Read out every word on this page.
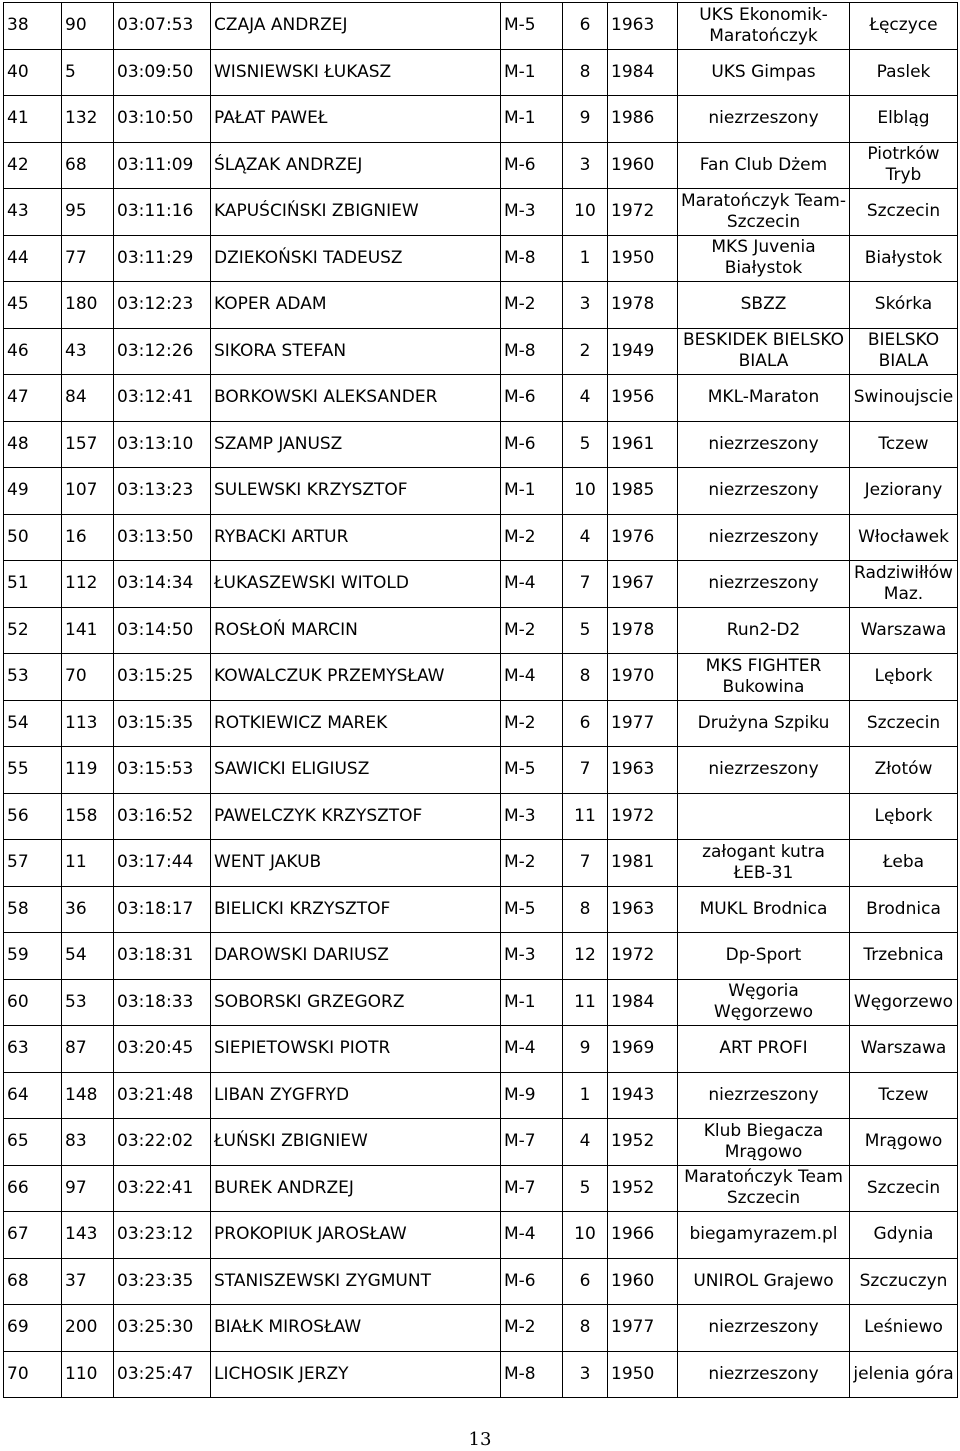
38	90	03:07:53	CZAJA ANDRZEJ	M-5	6	1963	UKS Ekonomik-Maratończyk	Łęczyce
40	5	03:09:50	WISNIEWSKI ŁUKASZ	M-1	8	1984	UKS Gimpas	Paslek
41	132	03:10:50	PAŁAT PAWEŁ	M-1	9	1986	niezrzeszony	Elbląg
42	68	03:11:09	ŚLĄZAK ANDRZEJ	M-6	3	1960	Fan Club Dżem	Piotrków Tryb
43	95	03:11:16	KAPUŚCIŃSKI ZBIGNIEW	M-3	10	1972	Maratończyk Team-Szczecin	Szczecin
44	77	03:11:29	DZIEKOŃSKI TADEUSZ	M-8	1	1950	MKS Juvenia Białystok	Białystok
45	180	03:12:23	KOPER ADAM	M-2	3	1978	SBZZ	Skórka
46	43	03:12:26	SIKORA STEFAN	M-8	2	1949	BESKIDEK BIELSKO BIALA	BIELSKO BIALA
47	84	03:12:41	BORKOWSKI ALEKSANDER	M-6	4	1956	MKL-Maraton	Swinoujscie
48	157	03:13:10	SZAMP JANUSZ	M-6	5	1961	niezrzeszony	Tczew
49	107	03:13:23	SULEWSKI KRZYSZTOF	M-1	10	1985	niezrzeszony	Jeziorany
50	16	03:13:50	RYBACKI ARTUR	M-2	4	1976	niezrzeszony	Włocławek
51	112	03:14:34	ŁUKASZEWSKI WITOLD	M-4	7	1967	niezrzeszony	Radziwiłłów Maz.
52	141	03:14:50	ROSŁOŃ MARCIN	M-2	5	1978	Run2-D2	Warszawa
53	70	03:15:25	KOWALCZUK PRZEMYSŁAW	M-4	8	1970	MKS FIGHTER Bukowina	Lębork
54	113	03:15:35	ROTKIEWICZ MAREK	M-2	6	1977	Drużyna Szpiku	Szczecin
55	119	03:15:53	SAWICKI ELIGIUSZ	M-5	7	1963	niezrzeszony	Złotów
56	158	03:16:52	PAWELCZYK KRZYSZTOF	M-3	11	1972		Lębork
57	11	03:17:44	WENT JAKUB	M-2	7	1981	załogant kutra ŁEB-31	Łeba
58	36	03:18:17	BIELICKI KRZYSZTOF	M-5	8	1963	MUKL Brodnica	Brodnica
59	54	03:18:31	DAROWSKI DARIUSZ	M-3	12	1972	Dp-Sport	Trzebnica
60	53	03:18:33	SOBORSKI GRZEGORZ	M-1	11	1984	Węgoria Węgorzewo	Węgorzewo
63	87	03:20:45	SIEPIETOWSKI PIOTR	M-4	9	1969	ART PROFI	Warszawa
64	148	03:21:48	LIBAN ZYGFRYD	M-9	1	1943	niezrzeszony	Tczew
65	83	03:22:02	ŁUŃSKI ZBIGNIEW	M-7	4	1952	Klub Biegacza Mrągowo	Mrągowo
66	97	03:22:41	BUREK ANDRZEJ	M-7	5	1952	Maratończyk Team Szczecin	Szczecin
67	143	03:23:12	PROKOPIUK JAROSŁAW	M-4	10	1966	biegamyrazem.pl	Gdynia
68	37	03:23:35	STANISZEWSKI ZYGMUNT	M-6	6	1960	UNIROL Grajewo	Szczuczyn
69	200	03:25:30	BIAŁK MIROSŁAW	M-2	8	1977	niezrzeszony	Leśniewo
70	110	03:25:47	LICHOSIK JERZY	M-8	3	1950	niezrzeszony	jelenia góra
13
